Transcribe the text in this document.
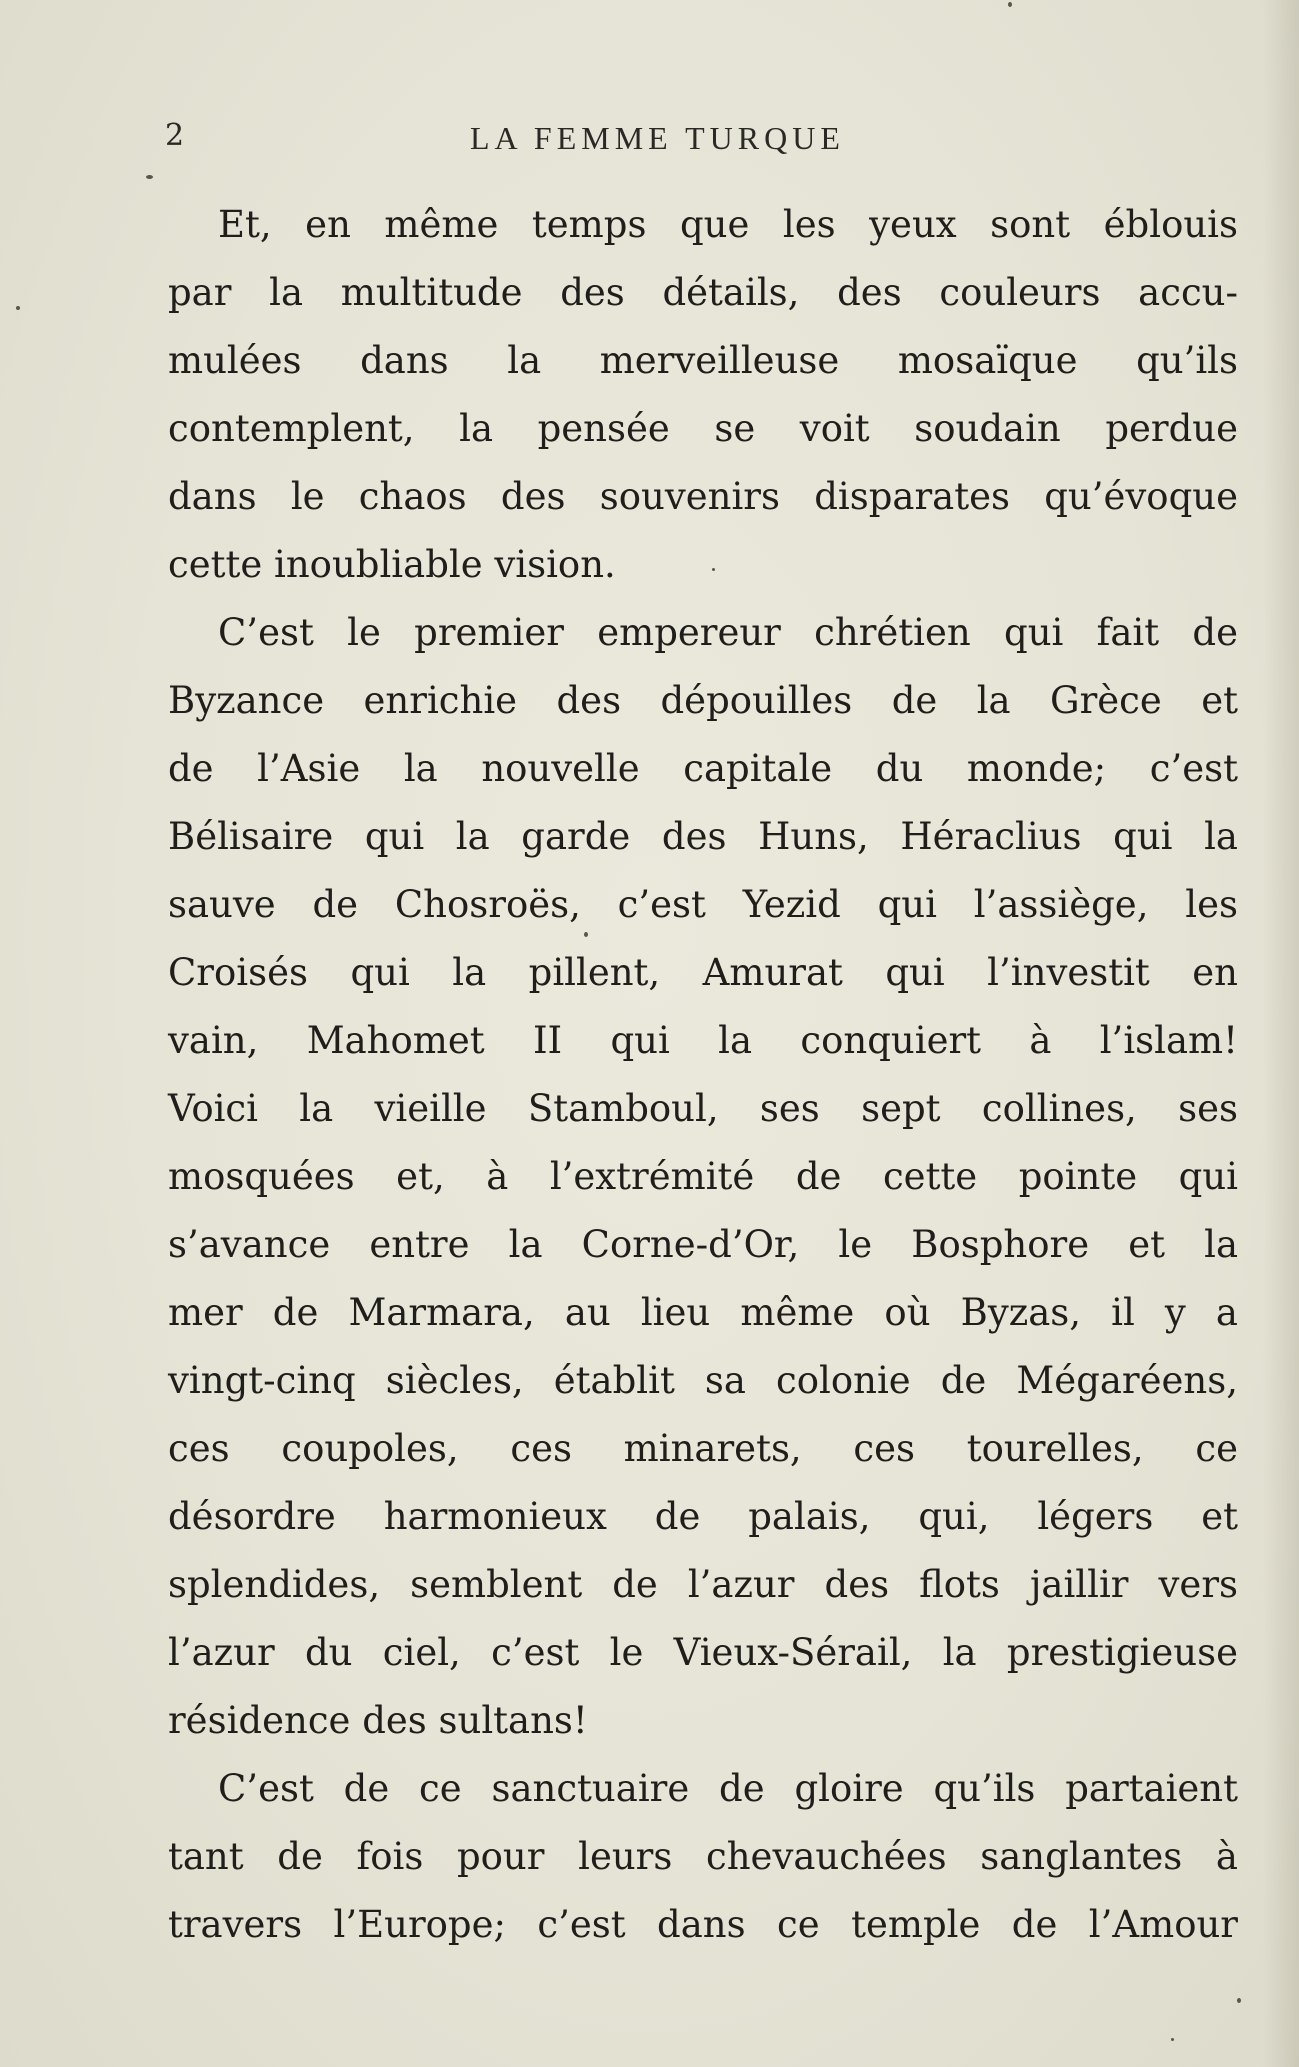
2	LA FEMME TURQUE

Et, en même temps que les yeux sont éblouis
par la multitude des détails, des couleurs accu-
mulées dans la merveilleuse mosaïque qu’ils
contemplent, la pensée se voit soudain perdue
dans le chaos des souvenirs disparates qu’évoque
cette inoubliable vision.

C’est le premier empereur chrétien qui fait de
Byzance enrichie des dépouilles de la Grèce et
de l’Asie la nouvelle capitale du monde; c’est
Bélisaire qui la garde des Huns, Héraclius qui la
sauve de Chosroës, c’est Yezid qui l’assiège, les
Croisés qui la pillent, Amurat qui l’investit en
vain, Mahomet II qui la conquiert à l’islam!
Voici la vieille Stamboul, ses sept collines, ses
mosquées et, à l’extrémité de cette pointe qui
s’avance entre la Corne-d’Or, le Bosphore et la
mer de Marmara, au lieu même où Byzas, il y a
vingt-cinq siècles, établit sa colonie de Mégaréens,
ces coupoles, ces minarets, ces tourelles, ce
désordre harmonieux de palais, qui, légers et
splendides, semblent de l’azur des flots jaillir vers
l’azur du ciel, c’est le Vieux-Sérail, la prestigieuse
résidence des sultans!

C’est de ce sanctuaire de gloire qu’ils partaient
tant de fois pour leurs chevauchées sanglantes à
travers l’Europe; c’est dans ce temple de l’Amour
